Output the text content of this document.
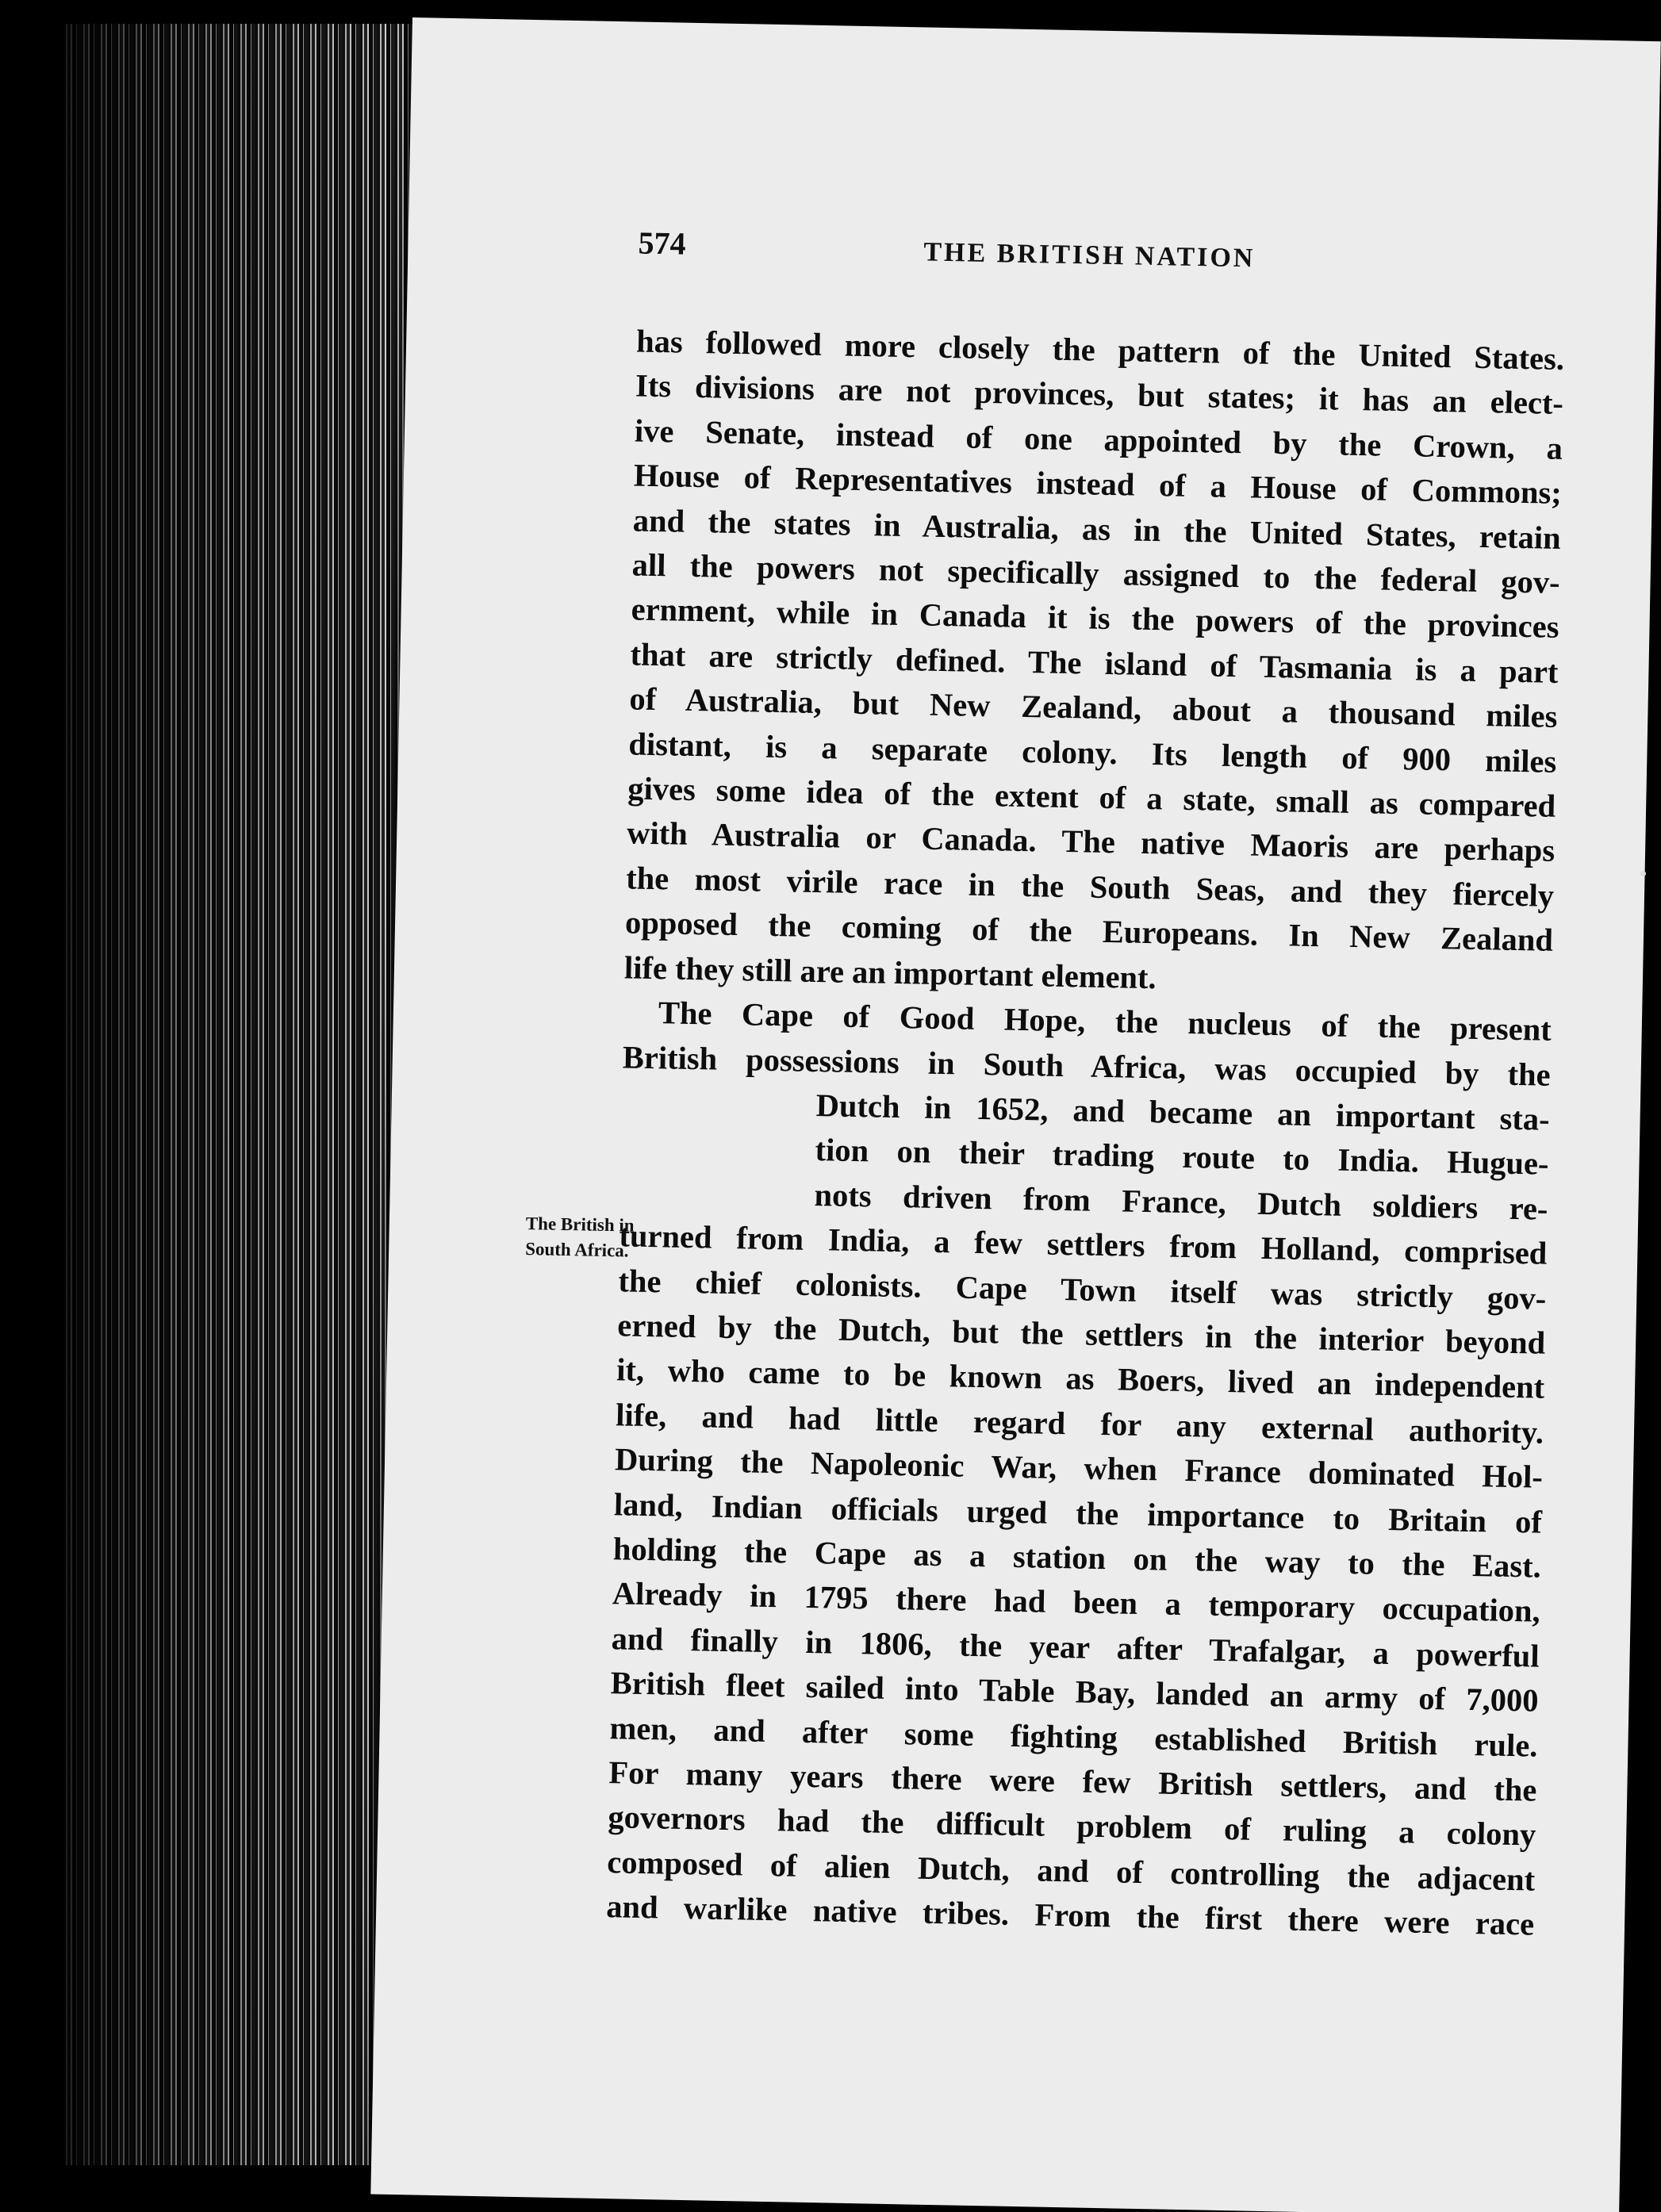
574	THE BRITISH NATION
The British in
South Africa.
has followed more closely the pattern of the United States.
Its divisions are not provinces, but states; it has an elect-
ive Senate, instead of one appointed by the Crown, a
House of Representatives instead of a House of Commons;
and the states in Australia, as in the United States, retain
all the powers not specifically assigned to the federal gov-
ernment, while in Canada it is the powers of the provinces
that are strictly defined. The island of Tasmania is a part
of Australia, but New Zealand, about a thousand miles
distant, is a separate colony. Its length of 900 miles
gives some idea of the extent of a state, small as compared
with Australia or Canada. The native Maoris are perhaps
the most virile race in the South Seas, and they fiercely
opposed the coming of the Europeans. In New Zealand
life they still are an important element.
The Cape of Good Hope, the nucleus of the present
British possessions in South Africa, was occupied by the
Dutch in 1652, and became an important sta-
tion on their trading route to India. Hugue-
nots driven from France, Dutch soldiers re-
turned from India, a few settlers from Holland, comprised
the chief colonists. Cape Town itself was strictly gov-
erned by the Dutch, but the settlers in the interior beyond
it, who came to be known as Boers, lived an independent
life, and had little regard for any external authority.
During the Napoleonic War, when France dominated Hol-
land, Indian officials urged the importance to Britain of
holding the Cape as a station on the way to the East.
Already in 1795 there had been a temporary occupation,
and finally in 1806, the year after Trafalgar, a powerful
British fleet sailed into Table Bay, landed an army of 7,000
men, and after some fighting established British rule.
For many years there were few British settlers, and the
governors had the difficult problem of ruling a colony
composed of alien Dutch, and of controlling the adjacent
and warlike native tribes. From the first there were race
